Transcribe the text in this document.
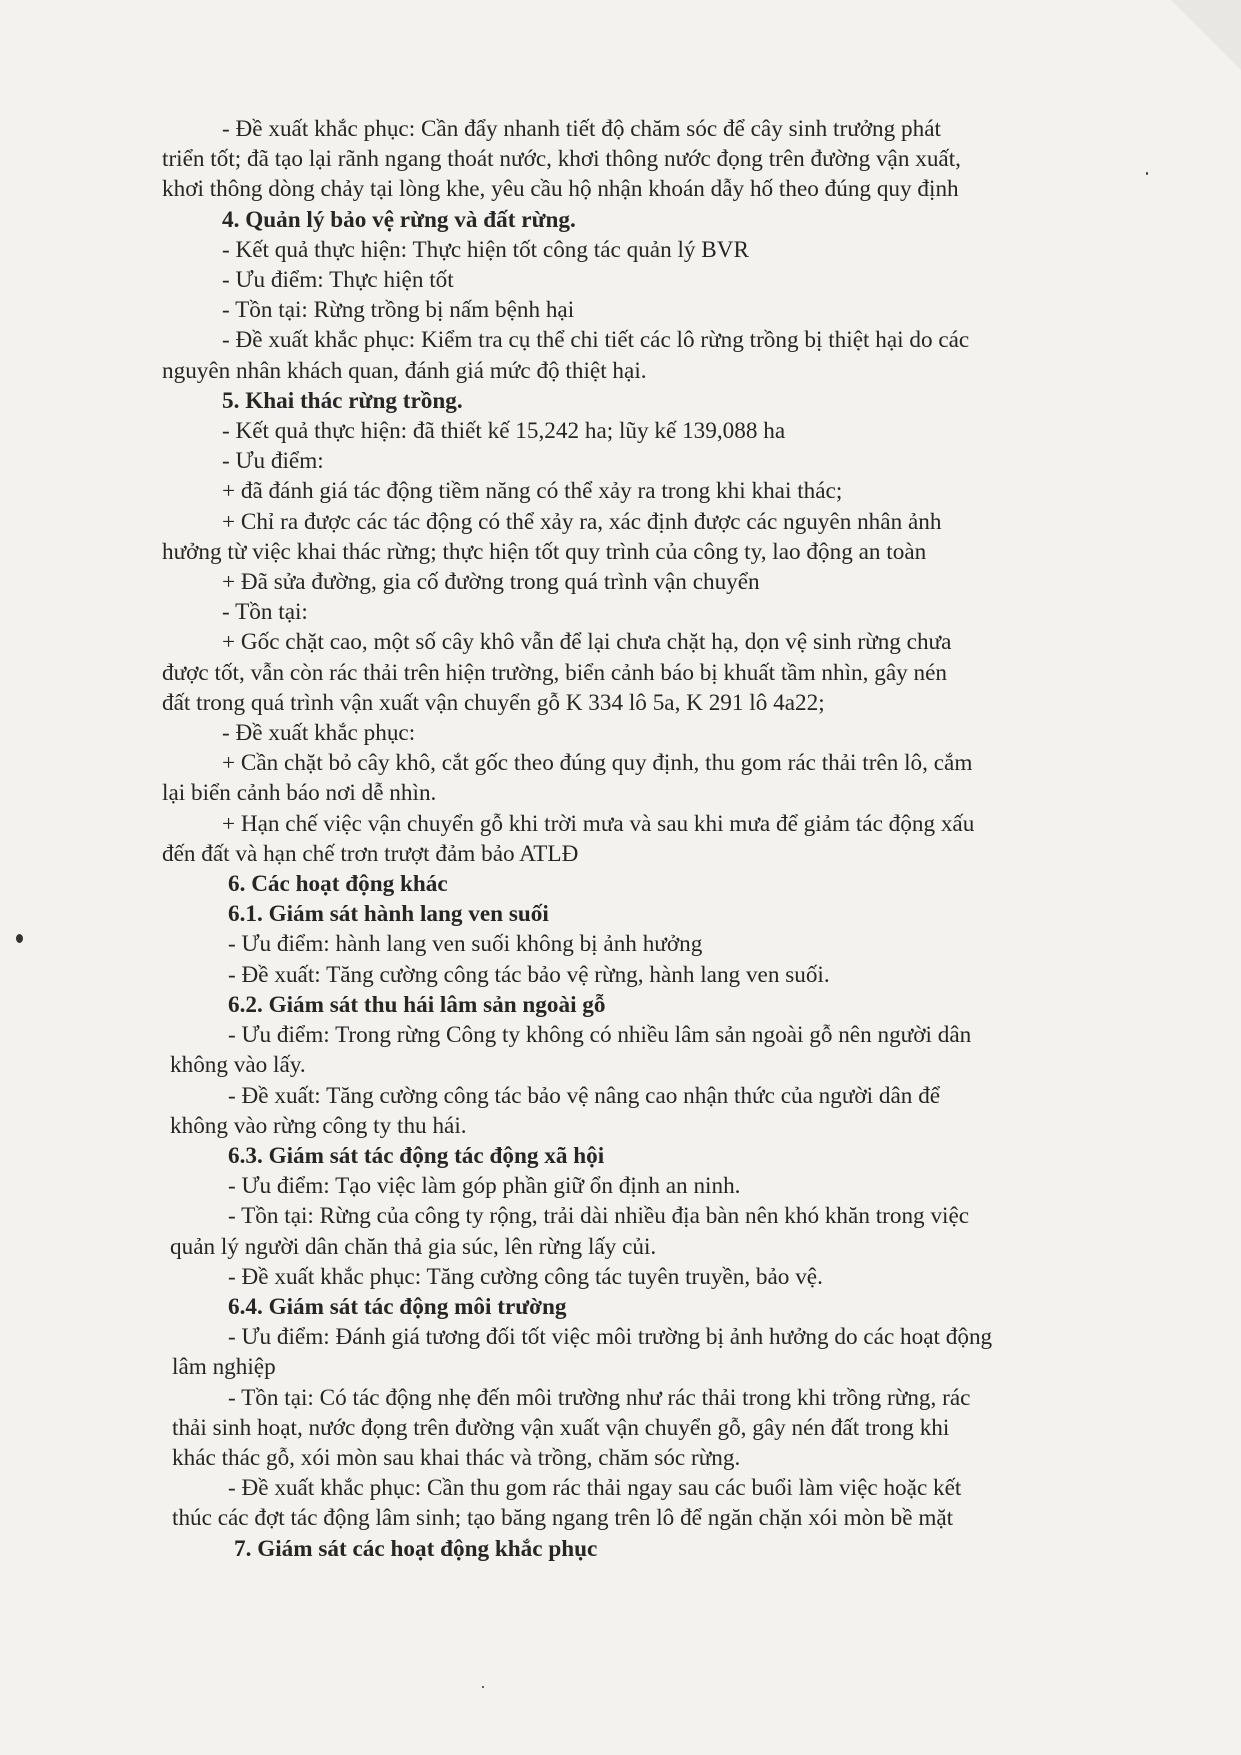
- Đề xuất khắc phục: Cần đẩy nhanh tiết độ chăm sóc để cây sinh trưởng phát
triển tốt; đã tạo lại rãnh ngang thoát nước, khơi thông nước đọng trên đường vận xuất,
khơi thông dòng chảy tại lòng khe, yêu cầu hộ nhận khoán dẫy hố theo đúng quy định
4. Quản lý bảo vệ rừng và đất rừng.
- Kết quả thực hiện: Thực hiện tốt công tác quản lý BVR
- Ưu điểm: Thực hiện tốt
- Tồn tại: Rừng trồng bị nấm bệnh hại
- Đề xuất khắc phục: Kiểm tra cụ thể chi tiết các lô rừng trồng bị thiệt hại do các
nguyên nhân khách quan, đánh giá mức độ thiệt hại.
5. Khai thác rừng trồng.
- Kết quả thực hiện: đã thiết kế 15,242 ha; lũy kế 139,088 ha
- Ưu điểm:
+ đã đánh giá tác động tiềm năng có thể xảy ra trong khi khai thác;
+ Chỉ ra được các tác động có thể xảy ra, xác định được các nguyên nhân ảnh
hưởng từ việc khai thác rừng; thực hiện tốt quy trình của công ty, lao động an toàn
+ Đã sửa đường, gia cố đường trong quá trình vận chuyển
- Tồn tại:
+ Gốc chặt cao, một số cây khô vẫn để lại chưa chặt hạ, dọn vệ sinh rừng chưa
được tốt, vẫn còn rác thải trên hiện trường, biển cảnh báo bị khuất tầm nhìn, gây nén
đất trong quá trình vận xuất vận chuyển gỗ K 334 lô 5a, K 291 lô 4a22;
- Đề xuất khắc phục:
+ Cần chặt bỏ cây khô, cắt gốc theo đúng quy định, thu gom rác thải trên lô, cắm
lại biển cảnh báo nơi dễ nhìn.
+ Hạn chế việc vận chuyển gỗ khi trời mưa và sau khi mưa để giảm tác động xấu
đến đất và hạn chế trơn trượt đảm bảo ATLĐ
6. Các hoạt động khác
6.1. Giám sát hành lang ven suối
- Ưu điểm: hành lang ven suối không bị ảnh hưởng
- Đề xuất: Tăng cường công tác bảo vệ rừng, hành lang ven suối.
6.2. Giám sát thu hái lâm sản ngoài gỗ
- Ưu điểm: Trong rừng Công ty không có nhiều lâm sản ngoài gỗ nên người dân
không vào lấy.
- Đề xuất: Tăng cường công tác bảo vệ nâng cao nhận thức của người dân để
không vào rừng công ty thu hái.
6.3. Giám sát tác động tác động xã hội
- Ưu điểm: Tạo việc làm góp phần giữ ổn định an ninh.
- Tồn tại: Rừng của công ty rộng, trải dài nhiều địa bàn nên khó khăn trong việc
quản lý người dân chăn thả gia súc, lên rừng lấy củi.
- Đề xuất khắc phục: Tăng cường công tác tuyên truyền, bảo vệ.
6.4. Giám sát tác động môi trường
- Ưu điểm: Đánh giá tương đối tốt việc môi trường bị ảnh hưởng do các hoạt động
lâm nghiệp
- Tồn tại: Có tác động nhẹ đến môi trường như rác thải trong khi trồng rừng, rác
thải sinh hoạt, nước đọng trên đường vận xuất vận chuyển gỗ, gây nén đất trong khi
khác thác gỗ, xói mòn sau khai thác và trồng, chăm sóc rừng.
- Đề xuất khắc phục: Cần thu gom rác thải ngay sau các buổi làm việc hoặc kết
thúc các đợt tác động lâm sinh; tạo băng ngang trên lô để ngăn chặn xói mòn bề mặt
7. Giám sát các hoạt động khắc phục
